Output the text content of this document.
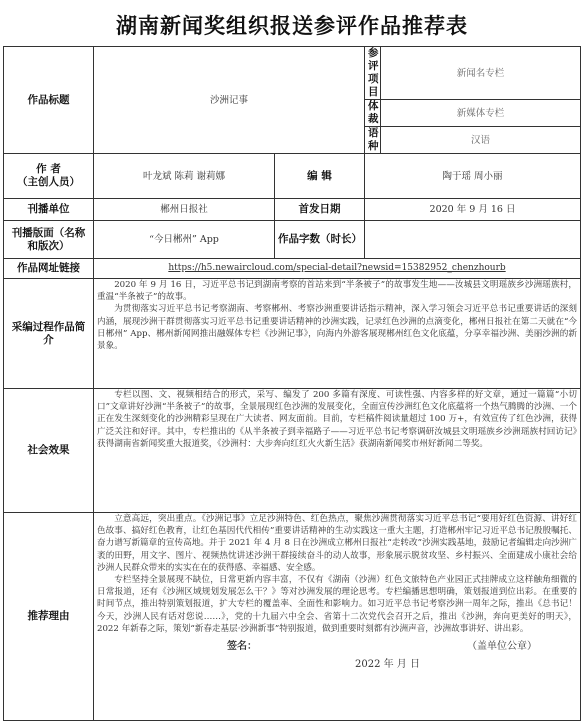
湖南新闻奖组织报送参评作品推荐表
作品标题	沙洲记事		参评项目	新闻名专栏
			体裁	新媒体专栏
			语种	汉语
作 者
（主创人员）	叶龙斌 陈莉 谢莉娜	编 辑	陶于瑶 周小丽	
刊播单位	郴州日报社	首发日期	2020 年 9 月 16 日	
刊播版面（名称和版次）	“今日郴州” App	作品字数（时长）		
作品网址链接	https://h5.newaircloud.com/special-detail?newsid=15382952_chenzhourb			
采编过程作品简介	2020 年 9 月 16 日，习近平总书记到湖南考察的首站来到“半条被子”的故事发生地——汝城县文明瑶族乡沙洲瑶族村，重温“半条被子”的故事。

为贯彻落实习近平总书记考察湖南、考察郴州、考察沙洲重要讲话指示精神，深入学习领会习近平总书记重要讲话的深刻内涵，展现沙洲干群贯彻落实习近平总书记重要讲话精神的沙洲实践，记录红色沙洲的点滴变化，郴州日报社在第二天就在“今日郴州” App、郴州新闻网推出融媒体专栏《沙洲记事》，向海内外游客展现郴州红色文化底蕴，分享幸福沙洲、美丽沙洲的新景象。			

社会效果	专栏以图、文、视频相结合的形式，采写、编发了 200 多篇有深度、可读性强、内容多样的好文章，通过一篇篇“小切口”文章讲好沙洲“半条被子”的故事，全景展现红色沙洲的发展变化，全面宣传沙洲红色文化底蕴将一个热气腾腾的沙洲、一个正在发生深刻变化的沙洲精彩呈现在广大读者、网友面前。目前，专栏稿件阅读量超过 100 万+，有效宣传了红色沙洲，获得广泛关注和好评。其中，专栏推出的《从半条被子到幸福路子——习近平总书记考察调研汝城县文明瑶族乡沙洲瑶族村回访记》获得湖南省新闻奖重大报道奖，《沙洲村：大步奔向红红火火新生活》获湖南新闻奖市州好新闻二等奖。			

推荐理由	立意高远，突出重点。《沙洲记事》立足沙洲特色、红色热点，聚焦沙洲贯彻落实习近平总书记“要用好红色资源、讲好红色故事、搞好红色教育，让红色基因代代相传”重要讲话精神的生动实践这一重大主题，打造郴州牢记习近平总书记殷殷嘱托、奋力谱写新篇章的宣传高地。并于 2021 年 4 月 8 日在沙洲成立郴州日报社“走转改”沙洲实践基地，鼓励记者编辑走向沙洲广袤的田野，用文字、图片、视频热忱讲述沙洲干群接续奋斗的动人故事，形象展示脱贫攻坚、乡村振兴、全面建成小康社会给沙洲人民群众带来的实实在在的获得感、幸福感、安全感。

专栏坚持全景展现不缺位，日常更新内容丰富，不仅有《湖南（沙洲）红色文旅特色产业园正式挂牌成立这样触角细微的日常报道，还有《沙洲区域规划发展怎么干？》等对沙洲发展的理论思考。专栏编播思想明确，策划报道到位出彩。在重要的时间节点，推出特别策划报道，扩大专栏的覆盖率、全面性和影响力。如习近平总书记考察沙洲一周年之际，推出《总书记！今天，沙洲人民有话对您说……》，党的十九届六中全会、省第十二次党代会召开之后，推出《沙洲，奔向更美好的明天》，2022 年新春之际，策划“新春走基层·沙洲新事”特别报道，做到重要时刻都有沙洲声音，沙洲故事讲好、讲出彩。

签名： （盖单位公章）
2022 年 月 日			
